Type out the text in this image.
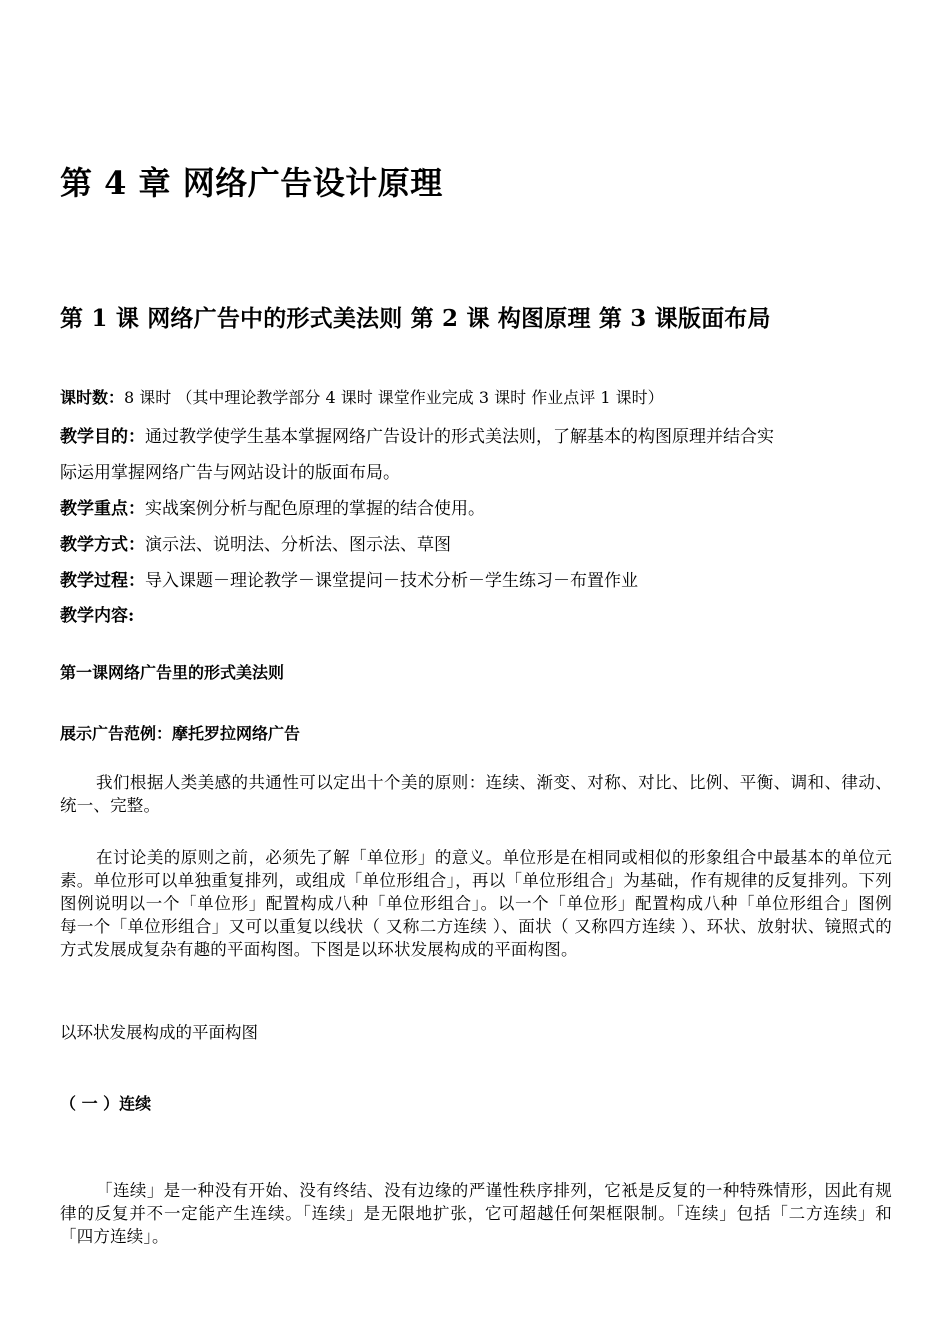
第 4 章 网络广告设计原理
第 1 课 网络广告中的形式美法则 第 2 课 构图原理 第 3 课版面布局
课时数：8 课时 （其中理论教学部分 4 课时 课堂作业完成 3 课时 作业点评 1 课时）
教学目的：通过教学使学生基本掌握网络广告设计的形式美法则，了解基本的构图原理并结合实
际运用掌握网络广告与网站设计的版面布局。
教学重点：实战案例分析与配色原理的掌握的结合使用。
教学方式：演示法、说明法、分析法、图示法、草图
教学过程：导入课题－理论教学－课堂提问－技术分析－学生练习－布置作业
教学内容:
第一课网络广告里的形式美法则
展示广告范例：摩托罗拉网络广告
我们根据人类美感的共通性可以定出十个美的原则：连续、渐变、对称、对比、比例、平衡、调和、律动、统一、完整。
在讨论美的原则之前，必须先了解「单位形」的意义。单位形是在相同或相似的形象组合中最基本的单位元素。单位形可以单独重复排列，或组成「单位形组合」，再以「单位形组合」为基础，作有规律的反复排列。下列图例说明以一个「单位形」配置构成八种「单位形组合」。以一个「单位形」配置构成八种「单位形组合」图例 每一个「单位形组合」又可以重复以线状（ 又称二方连续 ）、面状（ 又称四方连续 ）、环状、放射状、镜照式的方式发展成复杂有趣的平面构图。下图是以环状发展构成的平面构图。
以环状发展构成的平面构图
（ 一 ）连续
「连续」是一种没有开始、没有终结、没有边缘的严谨性秩序排列，它衹是反复的一种特殊情形，因此有规律的反复并不一定能产生连续。「连续」是无限地扩张，它可超越任何架框限制。「连续」包括「二方连续」和「四方连续」。
